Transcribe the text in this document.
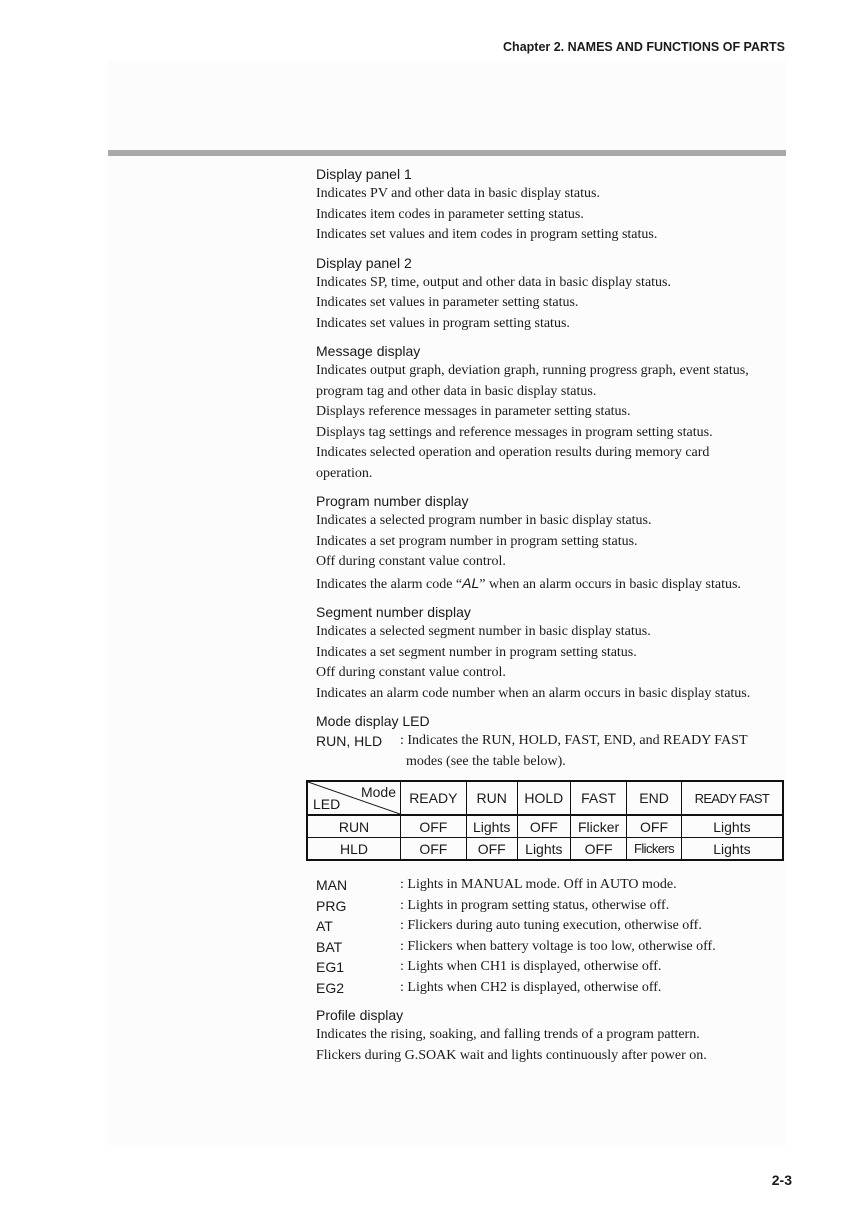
Chapter 2. NAMES AND FUNCTIONS OF PARTS

Display panel 1

Indicates PV and other data in basic display status.

Indicates item codes in parameter setting status.

Indicates set values and item codes in program setting status.

Display panel 2

Indicates SP, time, output and other data in basic display status.

Indicates set values in parameter setting status.

Indicates set values in program setting status.

Message display

Indicates output graph, deviation graph, running progress graph, event status,

program tag and other data in basic display status.

Displays reference messages in parameter setting status.

Displays tag settings and reference messages in program setting status.

Indicates selected operation and operation results during memory card

operation.

Program number display

Indicates a selected program number in basic display status.

Indicates a set program number in program setting status.

Off during constant value control.

Indicates the alarm code “AL” when an alarm occurs in basic display status.

Segment number display

Indicates a selected segment number in basic display status.

Indicates a set segment number in program setting status.

Off during constant value control.

Indicates an alarm code number when an alarm occurs in basic display status.

Mode display LED

RUN, HLD	: Indicates the RUN, HOLD, FAST, END, and READY FAST

modes (see the table below).

Mode
LED	READY	RUN	HOLD	FAST	END	READY FAST
RUN	OFF	Lights	OFF	Flicker	OFF	Lights
HLD	OFF	OFF	Lights	OFF	Flickers	Lights
MAN	: Lights in MANUAL mode. Off in AUTO mode.
PRG	: Lights in program setting status, otherwise off.
AT	: Flickers during auto tuning execution, otherwise off.
BAT	: Flickers when battery voltage is too low, otherwise off.
EG1	: Lights when CH1 is displayed, otherwise off.
EG2	: Lights when CH2 is displayed, otherwise off.

Profile display

Indicates the rising, soaking, and falling trends of a program pattern.

Flickers during G.SOAK wait and lights continuously after power on.

2-3
